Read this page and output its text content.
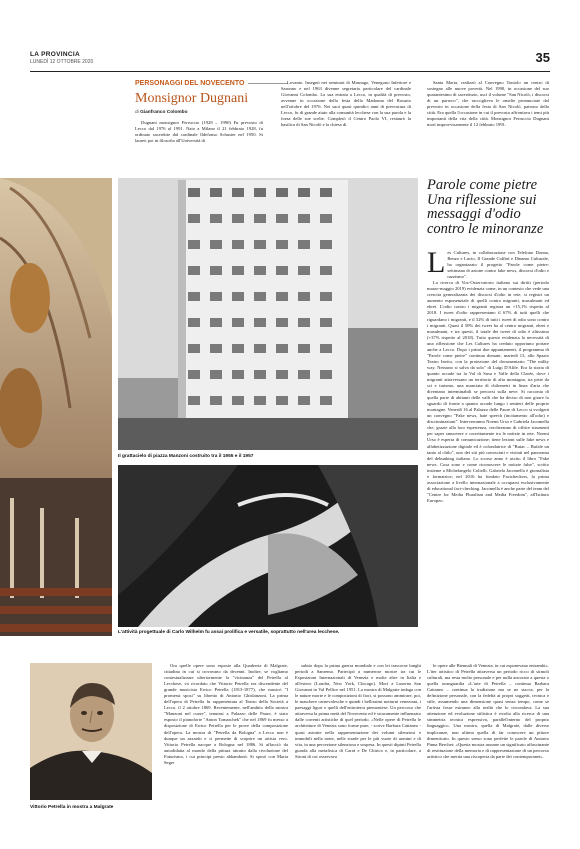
LA PROVINCIA
LUNEDÌ 12 OTTOBRE 2020	35
PERSONAGGI DEL NOVECENTO
Monsignor Dugnani
di Gianfranco Colombo

Dugnani monsignor Ferruccio (1928 – 1990) Fu prevosto di Lecco dal 1976 al 1991. Nato a Milano il 21 febbraio 1928, fu ordinato sacerdote dal cardinale Ildefonso Schuster nel 1950. Si laureò poi in filosofia all'Università di

Lovanio. Insegnò nei seminari di Masnago, Venegono Inferiore e Saronno e nel 1963 divenne segretario particolare del cardinale Giovanni Colombo. La sua entrata a Lecco, in qualità di prevosto, avvenne in occasione della festa della Madonna del Rosario nell'ottobre del 1976. Nei suoi quasi quindici anni di prevostura di Lecco, fu di grande aiuto alla comunità lecchese con la sua parola e la forza delle sue scelte. Completò il Centro Paolo VI, restaurò la basilica di San Nicolò e la chiesa di

Santa Marta, realizzò al Convegno Toniolo un centro di sostegno alle nuove povertà. Nel 1990, in occasione del suo quarantesimo di sacerdozio, uscì il volume "San Nicolò, i discorsi di un parroco", che raccoglieva le omelie pronunciate dal prevosto in occasione della festa di San Nicolò, patrono della città. Era quella l'occasione in cui il prevosto affrontava i temi più importanti della vita della città. Monsignor Ferruccio Dugnani morì improvvisamente il 12 febbraio 1991.

Il grattacielo di piazza Manzoni costruito tra il 1955 e il 1957
L'attività progettuale di Carlo Wilhelm fu assai prolifica e versatile, soprattutto nell'area lecchese.
Parole come pietre Una riflessione sui messaggi d'odio contro le minoranze
L es Cultures, in collaborazione con Telefono Donna, Renzo e Lucio, Il Grande Colibrì e Dinamo Culturale, ha organizzato il progetto "Parole come pietre: settimana di azione contro fake news, discorsi d'odio e razzismo".

La ricerca di Vox-Osservatorio italiano sui diritti (periodo marzo-maggio 2019) evidenzia come, in un contesto che vede una crescita generalizzata dei discorsi d'odio in rete, si registri un aumento esponenziale di quelli contro migranti, musulmani ed ebrei. L'odio contro i migranti registra un +15,1% rispetto al 2018. I tweet d'odio rappresentano il 67% di tutti quelli che riguardano i migranti, e il 32% di tutti i tweet di odio sono contro i migranti. Quasi il 50% dei tweet ha al centro migranti, ebrei e musulmani, e tra questi, il totale dei tweet di odio è altissimo (+37% rispetto al 2018). Tutto questo evidenzia la necessità di una riflessione che Les Cultures ha creduto opportuno portare anche a Lecco. Dopo i primi due appuntamenti, il programma di "Parole come pietre" continua domani, martedì 13, allo Spazio Teatro Invito, con la proiezione del documentario "The milky way. Nessuno si salva da solo" di Luigi D'Alife. Era la storia di quanto accade tra la Val di Susa e Valle della Clarée, dove i migranti attraversano un territorio di alta montagna, tra piste da sci e turismo, una manciata di chilometri in linea d'aria che diventano interminabili se percorsi sulla neve. Si racconta di quella parte di abitanti delle valli che ha deciso di non girare lo sguardo di fronte a quanto accade lungo i sentieri delle proprie montagne. Venerdì 16 al Palazzo delle Paure di Lecco si svolgerà un convegno "Fake news, hate speech (incitamento all'odio) e discriminazioni". Interverranno Noemi Urso e Gabriela Jacomella che, grazie alla loro esperienza, cercheranno di offrire strumenti per saper smuovere e correttamente tra le notizie in rete. Noemi Urso è esperta di comunicazione; tiene lezioni sulle fake news e alfabetizzazione digitale ed è cofondatrice di "Butac – Bufale un tanto al chilo", uno dei siti più conosciuti e visitati nel panorama del debunking italiano. Lo scorso anno è uscito il libro "Fake news. Cosa sono e come riconoscere le notizie false", scritto insieme a Michelangelo Coltelli. Gabriela Jacomella è giornalista e formatrice; nel 2016 ha fondato Factcheckers, la prima associazione a livello internazionale a occuparsi esclusivamente di educational fact-checking. Jacomella è anche parte del team del "Centre for Media Pluralism and Media Freedom", all'Istituto Europeo.

Vittorio Petrella in mostra a Malgrate

Ora quelle opere sono esposte alla Quadreria di Malgrate, cittadina in cui si trovavano da decenni. Inoltre, se vogliamo contestualizzare ulteriormente la "vicinanza" del Petrella al Lecchese, va ricordato che Vittorio Petrella era discendente del grande musicista Errico Petrella (1813-1877), che musicò "I promessi sposi" su libretto di Antonio Ghislanzoni. La prima dell'opera di Petrella fu rappresentata al Teatro della Società a Lecco, il 2 ottobre 1869. Recentemente, nell'ambito della mostra "Manzoni nel cuore", tenutasi a Palazzo delle Paure, è stato esposto il pianoforte "Anton Tomaschek" che nel 1869 fu messo a disposizione di Errico Petrella per le prove della composizione dell'opera. La mostra di "Petrella da Bologna" a Lecco non è dunque un azzardo e ci permette di scoprire un artista vero. Vittorio Petrella nacque a Bologna nel 1886. Si affacciò da autodidatta al mondo della pittura attratto dalla rivoluzione del Futurismo, i cui principi presto abbandonò. Si sposò con Maria Segre

subito dopo la prima guerra mondiale e con lei trascorse lunghi periodi a Sanremo. Partecipò a numerose mostre tra cui le Esposizioni Internazionali di Venezia e molte altre in Italia e all'estero (Londra, New York, Chicago). Morì a Luserna San Giovanni in Val Pellice nel 1951. La mostra di Malgrate indaga con le nature morte e le composizioni di fiori, si possono ammirare, poi, le maschere carnevalesche e quindi i bellissimi notturni veneziani, i paesaggi liguri e quelli dell'entroterra piemontese. Un percorso che attraversa la prima metà del Novecento ed è sicuramente influenzato dalle correnti artistiche di quel periodo. «Nelle opere di Petrella le architetture di Venezia sono forme pure, - scrive Barbara Cattaneo - quasi astratte nella rappresentazione dei volumi silenziosi e immobili nella notte, nelle strade per le più vuote di uomini e di vita, in una percezione silenziosa e sospesa. In questi dipinti Petrella guarda alla metafisica di Carrà e De Chirico e, in particolare, a Sironi di cui osservava

le opere alle Biennali di Venezia, in cui esponevano entrambi». L'iter artistico di Petrella attraversa un periodo ricco di stimoli culturali, ma resta molto personale e per nulla ancorato a questa o quella avanguardia «L'arte di Petrella – continua Barbara Cattaneo – continua la tradizione ma se ne stacca, per la definizione personale, con la fedeltà ai propri soggetti, tecnica e stile, assumendo una dimensione quasi senza tempo, come se l'artista fosse estraneo alla realtà che lo circondava. La sua attenzione ed evoluzione stilistica è rivolta alla ricerca di una simmetria tecnica espressiva, parallel'interno del proprio linguaggio». Una mostra, quella di Malgrate, dalle diverse implicanze, non ultima quella di far conoscere un pittore dimenticato. In questo senso sono perfette le parole di Antonio Pinna Berchet: «Questa mostra assume un significato affascinante di restituzione della memoria e di rappresentazione di un percorso artistico che merita una riscoperta da parte dei contemporanei».
